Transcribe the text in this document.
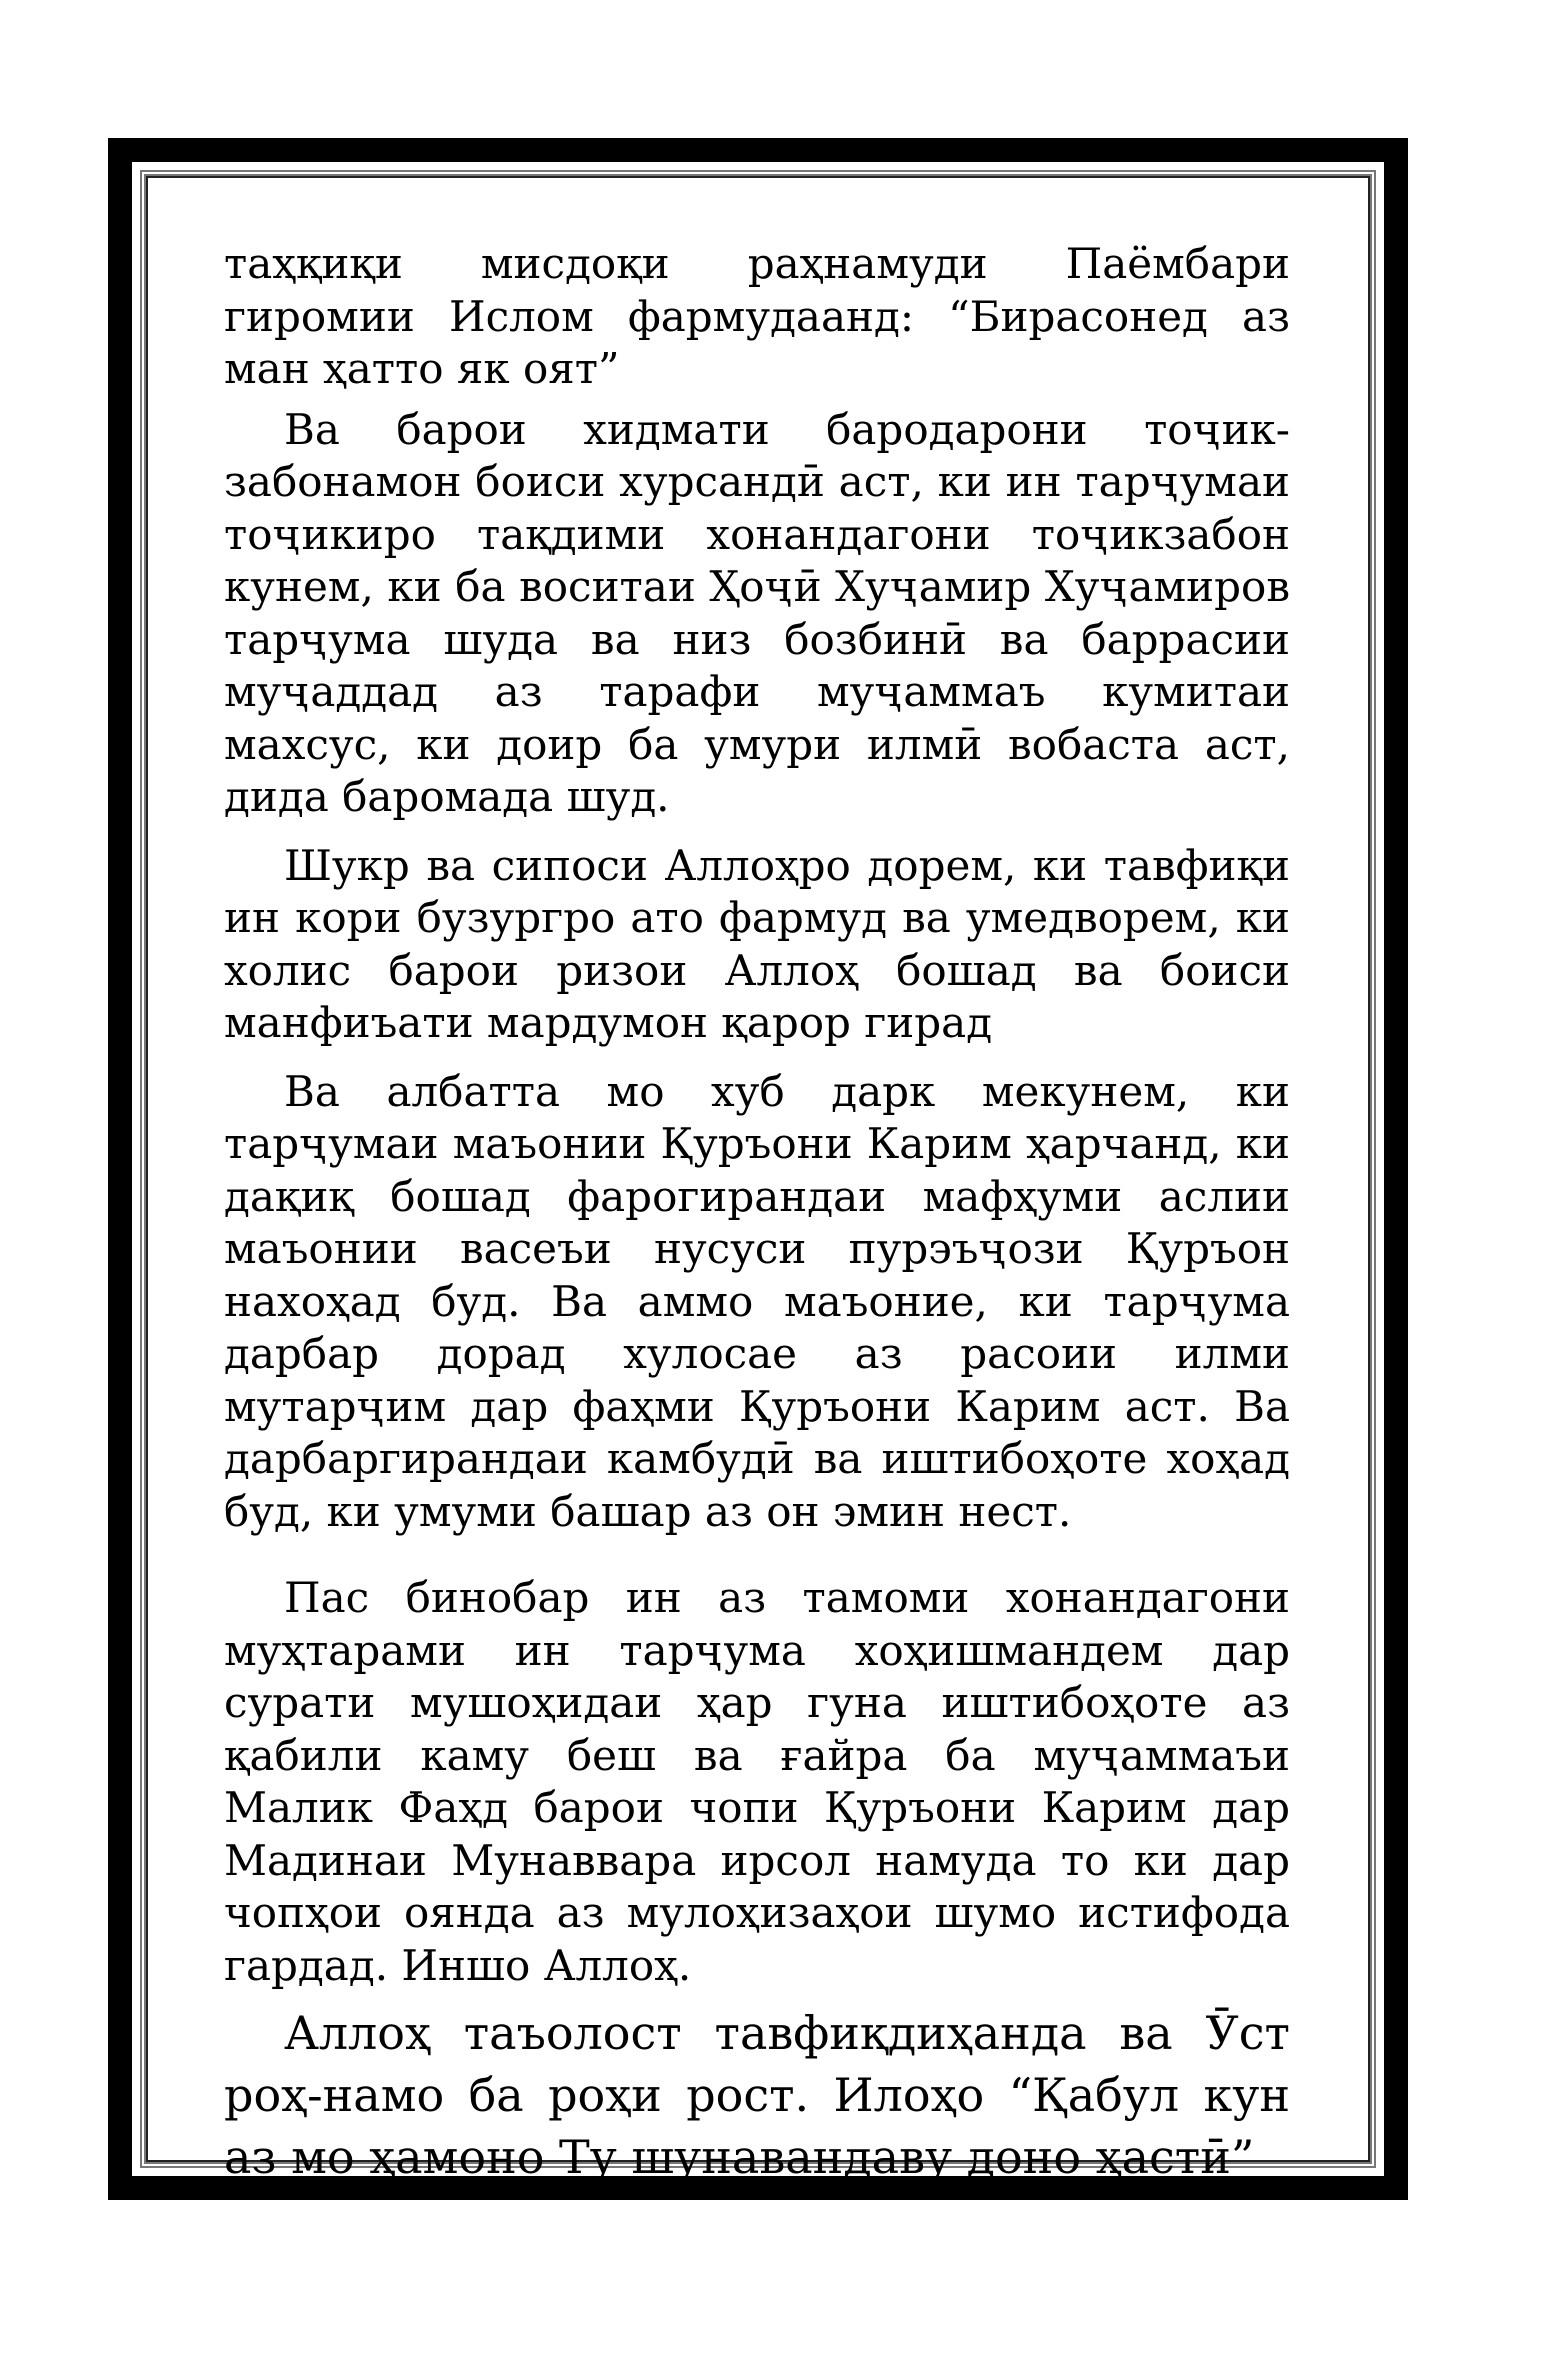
таҳқиқи мисдоқи раҳнамуди Паёмбари гиромии Ислом фармудаанд: “Бирасонед аз ман ҳатто як оят”

Ва барои хидмати бародарони тоҷик-забонамон боиси хурсандӣ аст, ки ин тарҷумаи тоҷикиро тақдими хонандагони тоҷикзабон кунем, ки ба воситаи Ҳоҷӣ Хуҷамир Хуҷамиров тарҷума шуда ва низ бозбинӣ ва баррасии муҷаддад аз тарафи муҷаммаъ кумитаи махсус, ки доир ба умури илмӣ вобаста аст, дида баромада шуд.

Шукр ва сипоси Аллоҳро дорем, ки тавфиқи ин кори бузургро ато фармуд ва умедворем, ки холис барои ризои Аллоҳ бошад ва боиси манфиъати мардумон қарор гирад

Ва албатта мо хуб дарк мекунем, ки тарҷумаи маъонии Қуръони Карим ҳарчанд, ки дақиқ бошад фарогирандаи мафҳуми аслии маъонии васеъи нусуси пурэъҷози Қуръон нахоҳад буд. Ва аммо маъоние, ки тарҷума дарбар дорад хулосае аз расоии илми мутарҷим дар фаҳми Қуръони Карим аст. Ва дарбаргирандаи камбудӣ ва иштибоҳоте хоҳад буд, ки умуми башар аз он эмин нест.

Пас бинобар ин аз тамоми хонандагони муҳтарами ин тарҷума хоҳишмандем дар сурати мушоҳидаи ҳар гуна иштибоҳоте аз қабили каму беш ва ғайра ба муҷаммаъи Малик Фаҳд барои чопи Қуръони Карим дар Мадинаи Мунаввара ирсол намуда то ки дар чопҳои оянда аз мулоҳизаҳои шумо истифода гардад. Иншо Аллоҳ.

Аллоҳ таъолост тавфиқдиҳанда ва Ӯст роҳ-намо ба роҳи рост. Илоҳо “Қабул кун аз мо ҳамоно Ту шунавандаву доно ҳастӣ”
